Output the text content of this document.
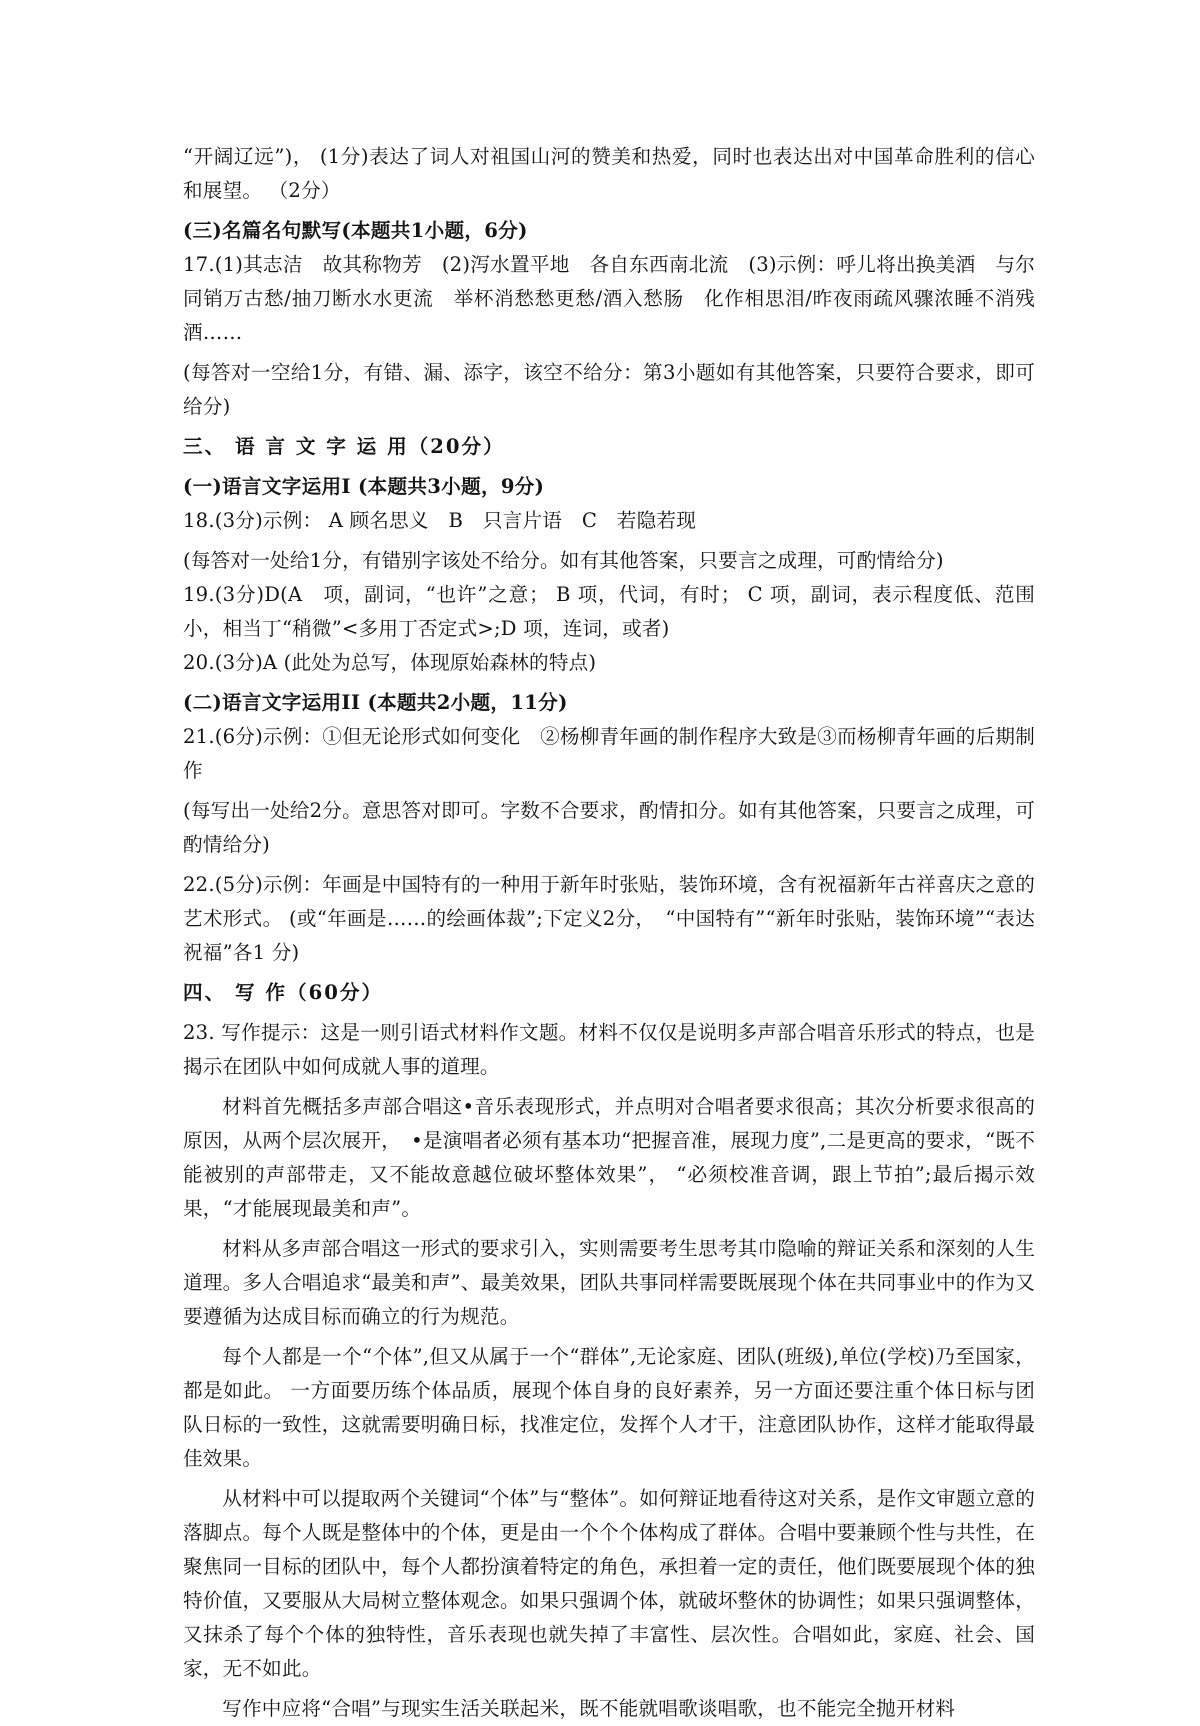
“开阔辽远”)， (1分)表达了词人对祖国山河的赞美和热爱，同时也表达出对中国革命胜利的信心和展望。 （2分）

(三)名篇名句默写(本题共1小题，6分)

17.(1)其志洁　故其称物芳　(2)泻水置平地　各自东西南北流　(3)示例：呼儿将出换美酒　与尔同销万古愁/抽刀断水水更流　举杯消愁愁更愁/酒入愁肠　化作相思泪/昨夜雨疏风骤浓睡不消残酒……

(每答对一空给1分，有错、漏、添字，该空不给分：第3小题如有其他答案，只要符合要求，即可给分)

三、 语 言 文 字 运 用（20分）

(一)语言文字运用I (本题共3小题，9分)

18.(3分)示例： A 顾名思义　B　只言片语　C　若隐若现

(每答对一处给1分，有错别字该处不给分。如有其他答案，只要言之成理，可酌情给分)

19.(3分)D(A　项，副词，“也许”之意； B 项，代词，有时； C 项，副词，表示程度低、范围小，相当丁“稍微”<多用丁否定式>;D 项，连词，或者)

20.(3分)A (此处为总写，体现原始森林的特点)

(二)语言文字运用II (本题共2小题，11分)

21.(6分)示例：①但无论形式如何变化　②杨柳青年画的制作程序大致是③而杨柳青年画的后期制作

(每写出一处给2分。意思答对即可。字数不合要求，酌情扣分。如有其他答案，只要言之成理，可酌情给分)

22.(5分)示例：年画是中国特有的一种用于新年时张贴，装饰环境，含有祝福新年古祥喜庆之意的艺术形式。 (或“年画是……的绘画体裁”;下定义2分，　“中国特有”“新年时张贴，装饰环境”“表达祝福”各1 分)

四、 写 作（60分）

23. 写作提示：这是一则引语式材料作文题。材料不仅仅是说明多声部合唱音乐形式的特点，也是揭示在团队中如何成就人事的道理。

材料首先概括多声部合唱这•音乐表现形式，并点明对合唱者要求很高；其次分析要求很高的原因，从两个层次展开，　•是演唱者必须有基本功“把握音准，展现力度”,二是更高的要求，“既不能被别的声部带走，又不能故意越位破坏整体效果”， “必须校准音调，跟上节拍”;最后揭示效果，“才能展现最美和声”。

材料从多声部合唱这一形式的要求引入，实则需要考生思考其巾隐喻的辩证关系和深刻的人生道理。多人合唱追求“最美和声”、最美效果，团队共事同样需要既展现个体在共同事业中的作为又要遵循为达成目标而确立的行为规范。

每个人都是一个“个体”,但又从属于一个“群体”,无论家庭、团队(班级),单位(学校)乃至国家，都是如此。 一方面要历练个体品质，展现个体自身的良好素养，另一方面还要注重个体日标与团队日标的一致性，这就需要明确日标，找准定位，发挥个人才干，注意团队协作，这样才能取得最佳效果。

从材料中可以提取两个关键词“个体”与“整体”。如何辩证地看待这对关系，是作文审题立意的落脚点。每个人既是整体中的个体，更是由一个个个体构成了群体。合唱中要兼顾个性与共性，在聚焦同一目标的团队中，每个人都扮演着特定的角色，承担着一定的责任，他们既要展现个体的独特价值，又要服从大局树立整体观念。如果只强调个体，就破坏整休的协调性；如果只强调整体，又抹杀了每个个体的独特性，音乐表现也就失掉了丰富性、层次性。合唱如此，家庭、社会、国家，无不如此。

写作中应将“合唱”与现实生活关联起米，既不能就唱歌谈唱歌，也不能完全抛开材料
